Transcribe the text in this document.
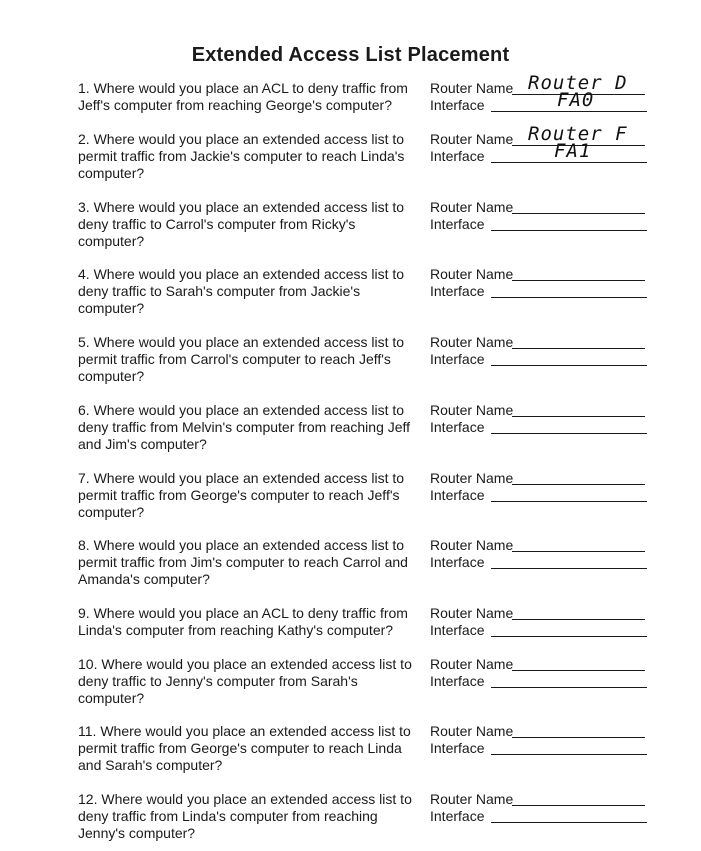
Extended Access List Placement
1. Where would you place an ACL to deny traffic from Jeff's computer from reaching George's computer?
Router Name Router D
Interface	FA0
2. Where would you place an extended access list to permit traffic from Jackie's computer to reach Linda's computer?
Router Name Router F
Interface	FA1
3. Where would you place an extended access list to deny traffic to Carrol's computer from Ricky's computer?
Router Name
Interface
4. Where would you place an extended access list to deny traffic to Sarah's computer from Jackie's computer?
Router Name
Interface
5. Where would you place an extended access list to permit traffic from Carrol's computer to reach Jeff's computer?
Router Name
Interface
6. Where would you place an extended access list to deny traffic from Melvin's computer from reaching Jeff and Jim's computer?
Router Name
Interface
7. Where would you place an extended access list to permit traffic from George's computer to reach Jeff's computer?
Router Name
Interface
8. Where would you place an extended access list to permit traffic from Jim's computer to reach Carrol and Amanda's computer?
Router Name
Interface
9. Where would you place an ACL to deny traffic from Linda's computer from reaching Kathy's computer?
Router Name
Interface
10. Where would you place an extended access list to deny traffic to Jenny's computer from Sarah's computer?
Router Name
Interface
11. Where would you place an extended access list to permit traffic from George's computer to reach Linda and Sarah's computer?
Router Name
Interface
12. Where would you place an extended access list to deny traffic from Linda's computer from reaching Jenny's computer?
Router Name
Interface
